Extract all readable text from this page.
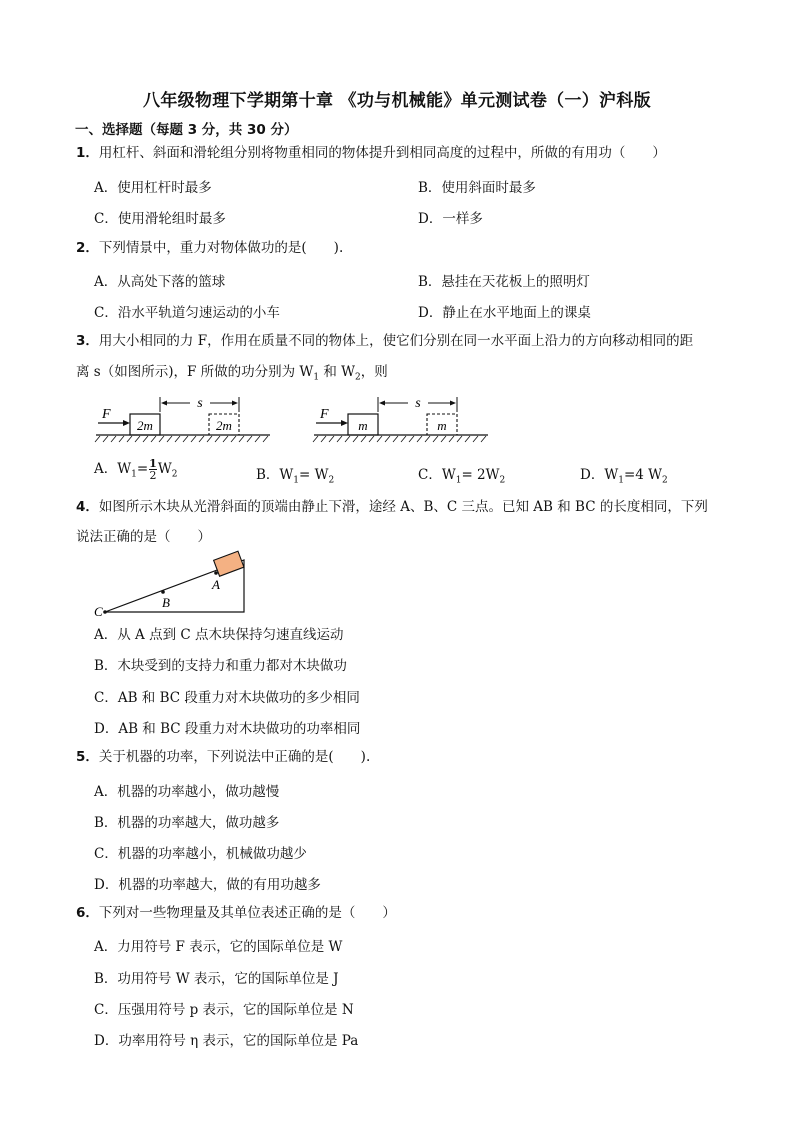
八年级物理下学期第十章 《功与机械能》单元测试卷（一）沪科版
一、选择题（每题 3 分，共 30 分）
1．用杠杆、斜面和滑轮组分别将物重相同的物体提升到相同高度的过程中，所做的有用功（　　）
A．使用杠杆时最多	B．使用斜面时最多
C．使用滑轮组时最多	D．一样多
2．下列情景中，重力对物体做功的是(　　).
A．从高处下落的篮球	B．悬挂在天花板上的照明灯
C．沿水平轨道匀速运动的小车	D．静止在水平地面上的课桌
3．用大小相同的力 F，作用在质量不同的物体上，使它们分别在同一水平面上沿力的方向移动相同的距
离 s（如图所示)，F 所做的功分别为 $W_1$ 和 $W_2$，则
F
2m	2m
s
F
m	m
s
A．$W_1= \frac{1}{2} W_2$	B．$W_1= W_2$	C．$W_1= 2W_2$	D．$W_1=4$ $W_2$
4．如图所示木块从光滑斜面的顶端由静止下滑，途经 A、B、C 三点。已知 AB 和 BC 的长度相同，下列
说法正确的是（　　）
C
B
A
A．从 A 点到 C 点木块保持匀速直线运动
B．木块受到的支持力和重力都对木块做功
C．AB 和 BC 段重力对木块做功的多少相同
D．AB 和 BC 段重力对木块做功的功率相同
5．关于机器的功率，下列说法中正确的是(　　).
A．机器的功率越小，做功越慢
B．机器的功率越大，做功越多
C．机器的功率越小，机械做功越少
D．机器的功率越大，做的有用功越多
6．下列对一些物理量及其单位表述正确的是（　　）
A．力用符号 F 表示，它的国际单位是 W
B．功用符号 W 表示，它的国际单位是 J
C．压强用符号 p 表示，它的国际单位是 N
D．功率用符号 η 表示，它的国际单位是 Pa
